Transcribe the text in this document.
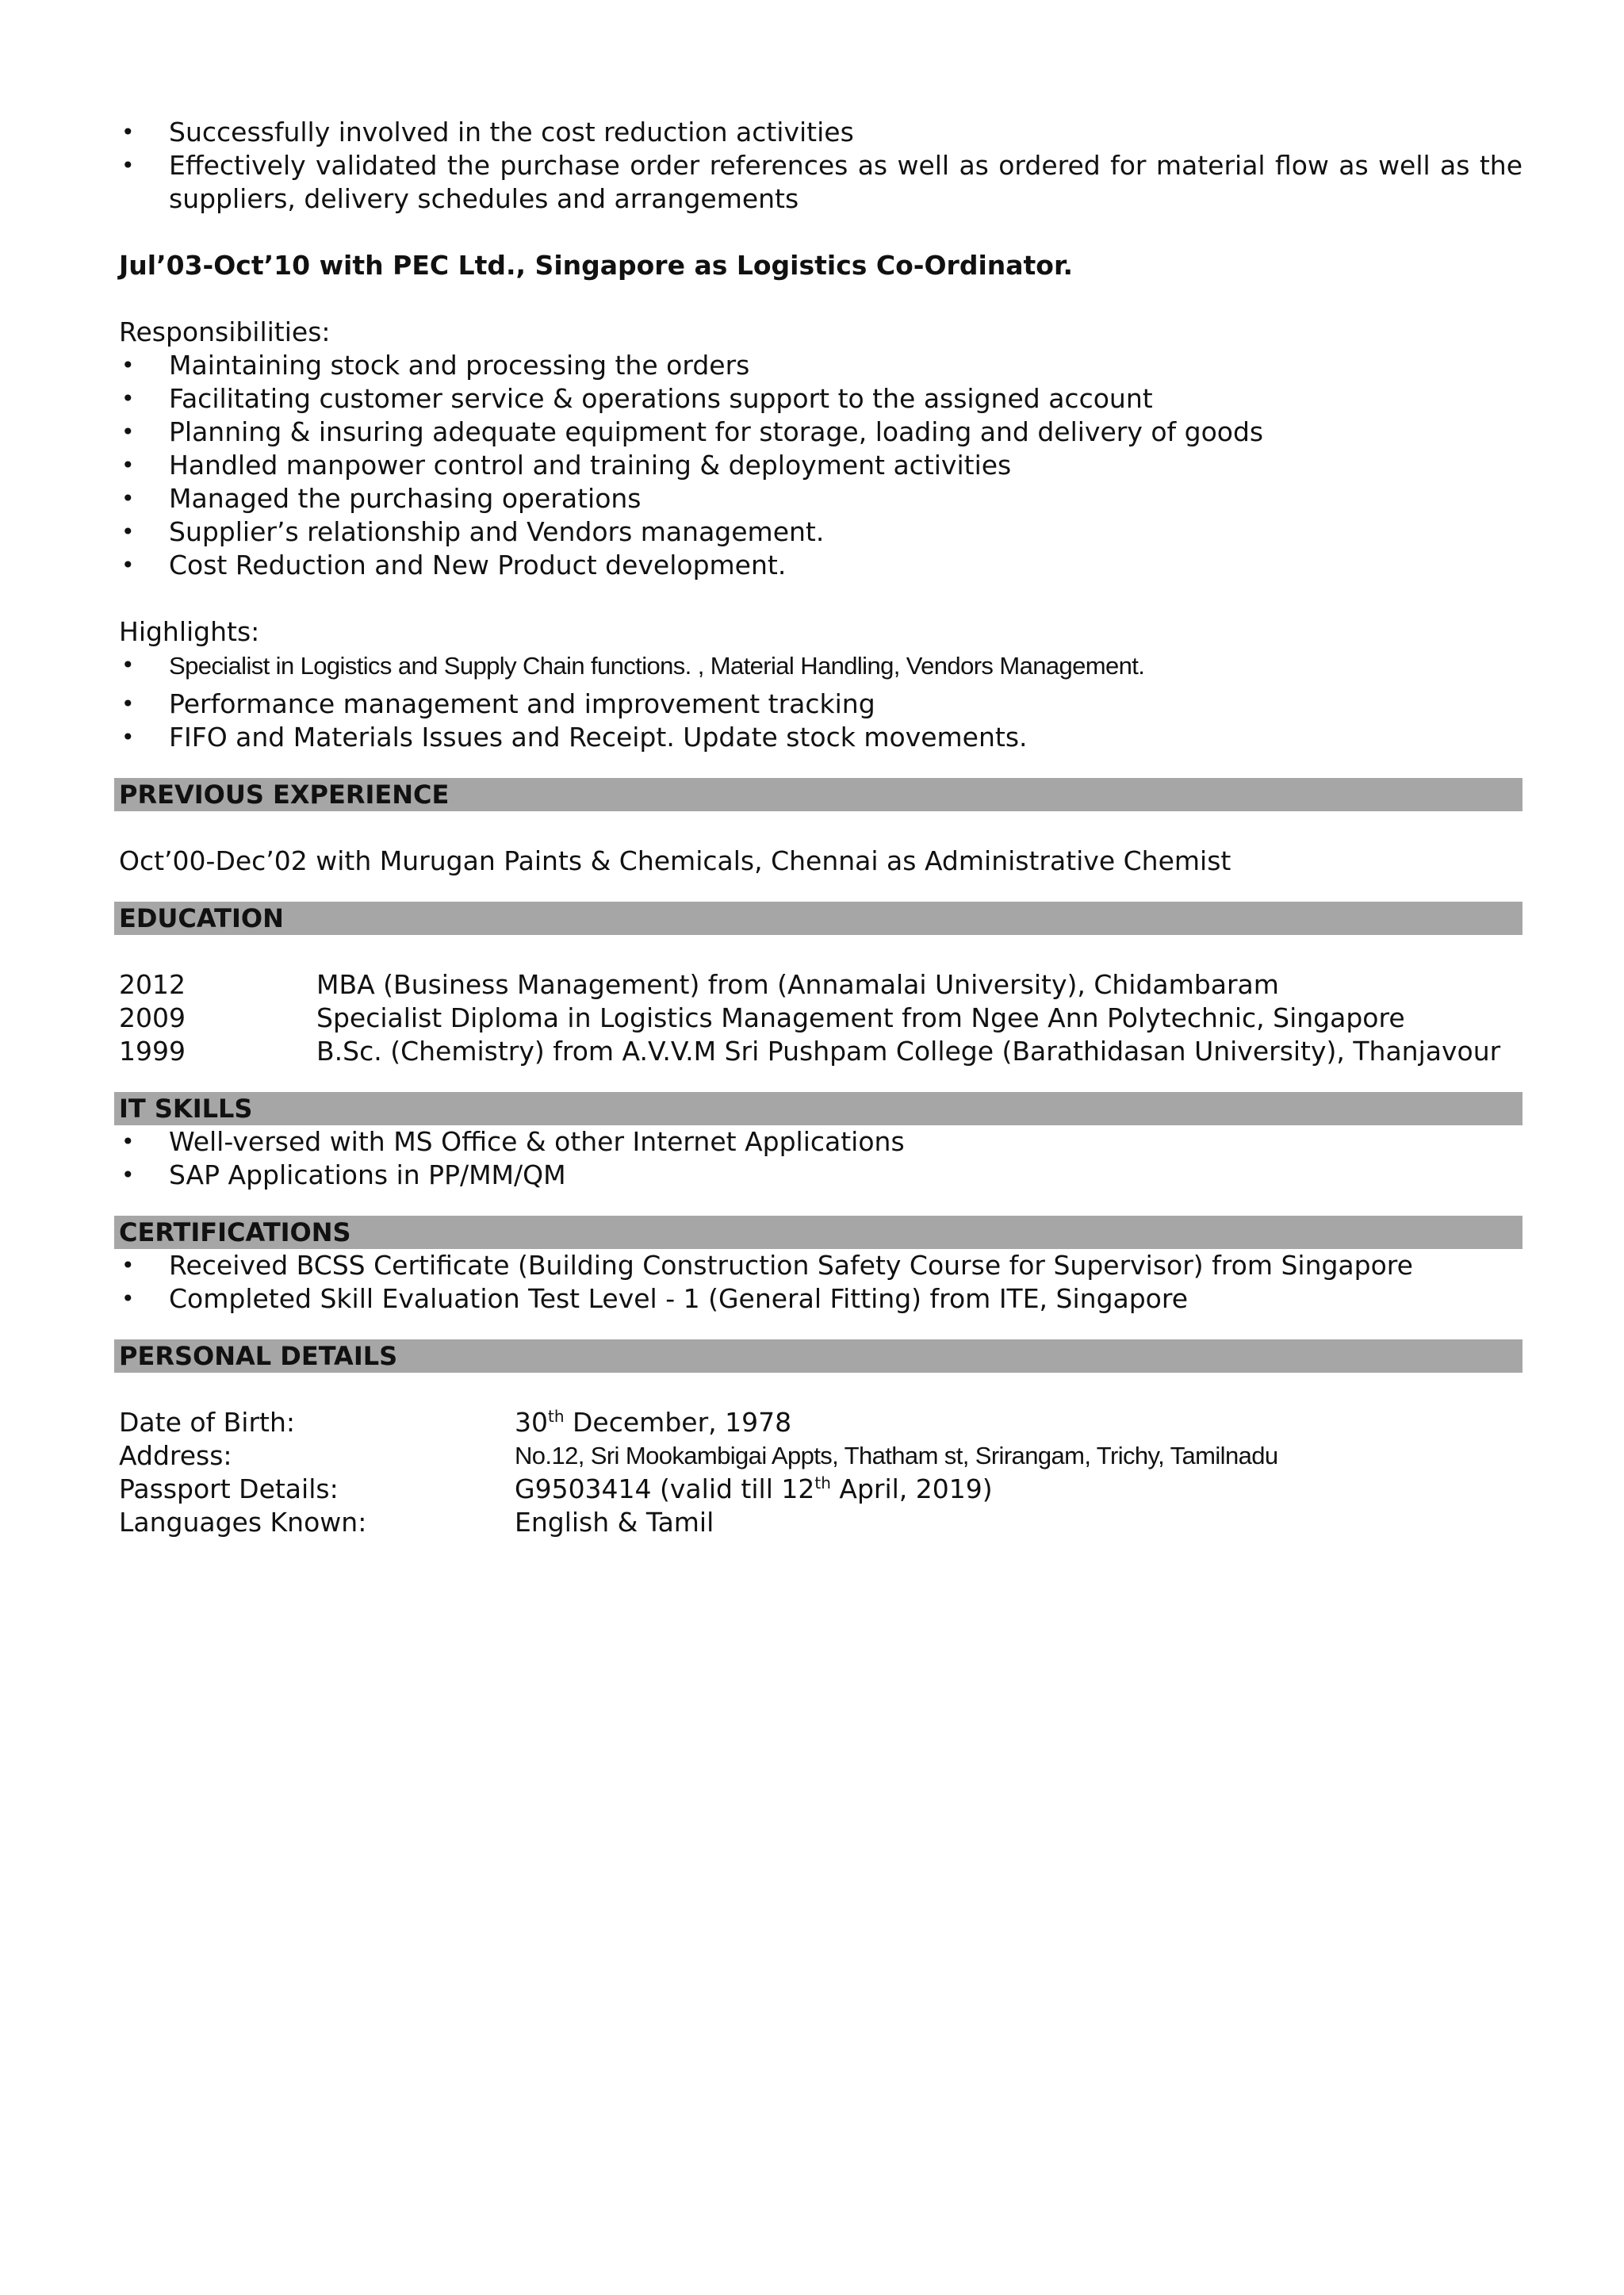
• Successfully involved in the cost reduction activities
• Effectively validated the purchase order references as well as ordered for material flow as well as the suppliers, delivery schedules and arrangements
Jul’03-Oct’10 with PEC Ltd., Singapore as Logistics Co-Ordinator.
Responsibilities:
• Maintaining stock and processing the orders
• Facilitating customer service & operations support to the assigned account
• Planning & insuring adequate equipment for storage, loading and delivery of goods
• Handled manpower control and training & deployment activities
• Managed the purchasing operations
• Supplier’s relationship and Vendors management.
• Cost Reduction and New Product development.
Highlights:
• Specialist in Logistics and Supply Chain functions. , Material Handling, Vendors Management.
• Performance management and improvement tracking
• FIFO and Materials Issues and Receipt. Update stock movements.
PREVIOUS EXPERIENCE
Oct’00-Dec’02 with Murugan Paints & Chemicals, Chennai as Administrative Chemist
EDUCATION
2012	MBA (Business Management) from (Annamalai University), Chidambaram
2009	Specialist Diploma in Logistics Management from Ngee Ann Polytechnic, Singapore
1999	B.Sc. (Chemistry) from A.V.V.M Sri Pushpam College (Barathidasan University), Thanjavour
IT SKILLS
• Well-versed with MS Office & other Internet Applications
• SAP Applications in PP/MM/QM
CERTIFICATIONS
• Received BCSS Certificate (Building Construction Safety Course for Supervisor) from Singapore
• Completed Skill Evaluation Test Level - 1 (General Fitting) from ITE, Singapore
PERSONAL DETAILS
Date of Birth:	30th December, 1978
Address:	No.12, Sri Mookambigai Appts, Thatham st, Srirangam, Trichy, Tamilnadu
Passport Details:	G9503414 (valid till 12th April, 2019)
Languages Known:	English & Tamil
